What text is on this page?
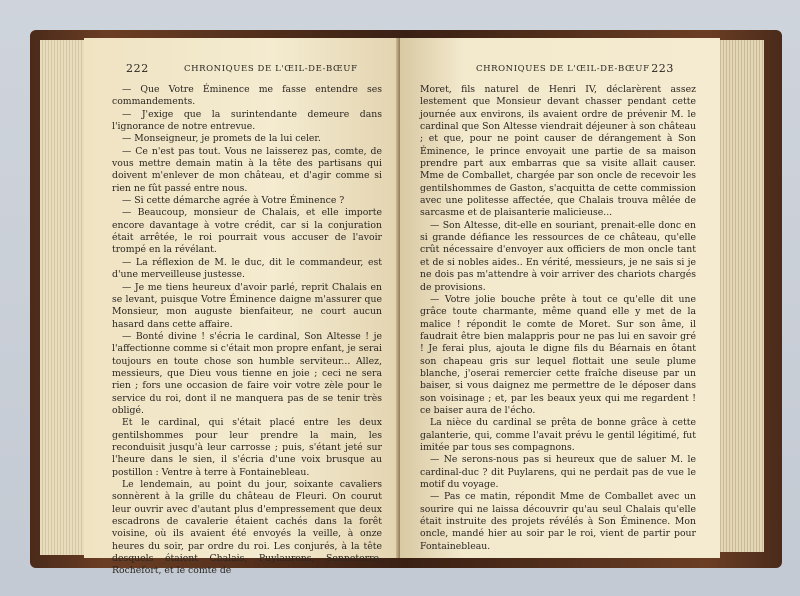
222	CHRONIQUES DE L'ŒIL-DE-BŒUF

— Que Votre Éminence me fasse entendre ses commandements.

— J'exige que la surintendante demeure dans l'ignorance de notre entrevue.

— Monseigneur, je promets de la lui celer.

— Ce n'est pas tout. Vous ne laisserez pas, comte, de vous mettre demain matin à la tête des partisans qui doivent m'enlever de mon château, et d'agir comme si rien ne fût passé entre nous.

— Si cette démarche agrée à Votre Éminence ?

— Beaucoup, monsieur de Chalais, et elle importe encore davantage à votre crédit, car si la conjuration était arrêtée, le roi pourrait vous accuser de l'avoir trompé en la révélant.

— La réflexion de M. le duc, dit le commandeur, est d'une merveilleuse justesse.

— Je me tiens heureux d'avoir parlé, reprit Chalais en se levant, puisque Votre Éminence daigne m'assurer que Monsieur, mon auguste bienfaiteur, ne court aucun hasard dans cette affaire.

— Bonté divine ! s'écria le cardinal, Son Altesse ! je l'affectionne comme si c'était mon propre enfant, je serai toujours en toute chose son humble serviteur... Allez, messieurs, que Dieu vous tienne en joie ; ceci ne sera rien ; fors une occasion de faire voir votre zèle pour le service du roi, dont il ne manquera pas de se tenir très obligé.

Et le cardinal, qui s'était placé entre les deux gentilshommes pour leur prendre la main, les reconduisit jusqu'à leur carrosse ; puis, s'étant jeté sur l'heure dans le sien, il s'écria d'une voix brusque au postillon : Ventre à terre à Fontainebleau.

Le lendemain, au point du jour, soixante cavaliers sonnèrent à la grille du château de Fleuri. On courut leur ouvrir avec d'autant plus d'empressement que deux escadrons de cavalerie étaient cachés dans la forêt voisine, où ils avaient été envoyés la veille, à onze heures du soir, par ordre du roi. Les conjurés, à la tête desquels étaient Chalais, Puylaurens, Senneterre, Rochefort, et le comte de

CHRONIQUES DE L'ŒIL-DE-BŒUF 223

Moret, fils naturel de Henri IV, déclarèrent assez lestement que Monsieur devant chasser pendant cette journée aux environs, ils avaient ordre de prévenir M. le cardinal que Son Altesse viendrait déjeuner à son château ; et que, pour ne point causer de dérangement à Son Éminence, le prince envoyait une partie de sa maison prendre part aux embarras que sa visite allait causer. Mme de Comballet, chargée par son oncle de recevoir les gentilshommes de Gaston, s'acquitta de cette commission avec une politesse affectée, que Chalais trouva mêlée de sarcasme et de plaisanterie malicieuse...

— Son Altesse, dit-elle en souriant, prenait-elle donc en si grande défiance les ressources de ce château, qu'elle crût nécessaire d'envoyer aux officiers de mon oncle tant et de si nobles aides.. En vérité, messieurs, je ne sais si je ne dois pas m'attendre à voir arriver des chariots chargés de provisions.

— Votre jolie bouche prête à tout ce qu'elle dit une grâce toute charmante, même quand elle y met de la malice ! répondit le comte de Moret. Sur son âme, il faudrait être bien malappris pour ne pas lui en savoir gré ! Je ferai plus, ajouta le digne fils du Béarnais en ôtant son chapeau gris sur lequel flottait une seule plume blanche, j'oserai remercier cette fraîche diseuse par un baiser, si vous daignez me permettre de le déposer dans son voisinage ; et, par les beaux yeux qui me regardent ! ce baiser aura de l'écho.

La nièce du cardinal se prêta de bonne grâce à cette galanterie, qui, comme l'avait prévu le gentil légitimé, fut imitée par tous ses compagnons.

— Ne serons-nous pas si heureux que de saluer M. le cardinal-duc ? dit Puylarens, qui ne perdait pas de vue le motif du voyage.

— Pas ce matin, répondit Mme de Comballet avec un sourire qui ne laissa découvrir qu'au seul Chalais qu'elle était instruite des projets révélés à Son Éminence. Mon oncle, mandé hier au soir par le roi, vient de partir pour Fontainebleau.
